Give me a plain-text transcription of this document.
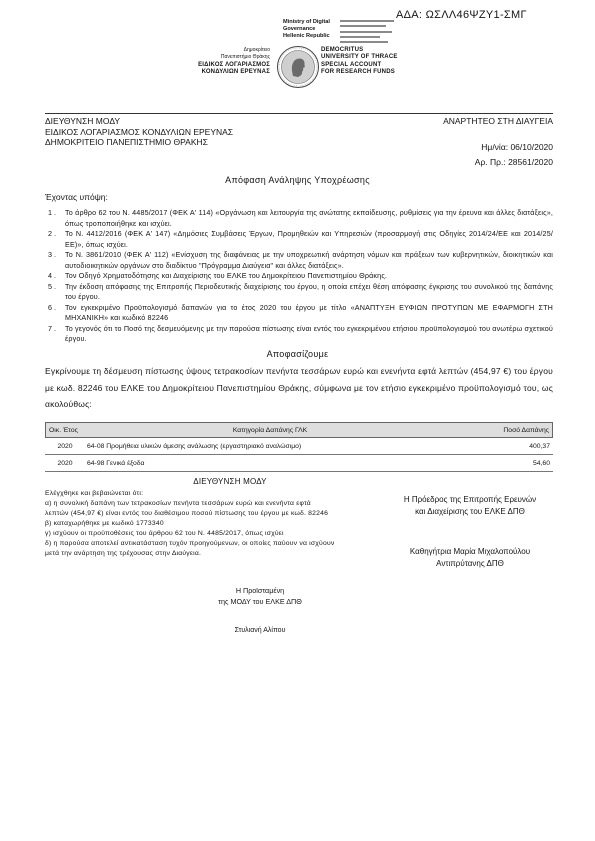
ΑΔΑ: ΩΣΛΛ46ΨΖΥ1-ΣΜΓ
Ministry of Digital
Governance
Hellenic Republic
Δημοκρίτειο
Πανεπιστήμιο Θράκης
ΕΙΔΙΚΟΣ ΛΟΓΑΡΙΑΣΜΟΣ
ΚΟΝΔΥΛΙΩΝ ΕΡΕΥΝΑΣ
DEMOCRITUS
UNIVERSITY OF THRACE
SPECIAL ACCOUNT
FOR RESEARCH FUNDS
ΔΙΕΥΘΥΝΣΗ ΜΟΔΥ
ΕΙΔΙΚΟΣ ΛΟΓΑΡΙΑΣΜΟΣ ΚΟΝΔΥΛΙΩΝ ΕΡΕΥΝΑΣ
ΔΗΜΟΚΡΙΤΕΙΟ ΠΑΝΕΠΙΣΤΗΜΙΟ ΘΡΑΚΗΣ
ΑΝΑΡΤΗΤΕΟ ΣΤΗ ΔΙΑΥΓΕΙΑ
Ημ/νία: 06/10/2020
Αρ. Πρ.: 28561/2020
Απόφαση Ανάληψης Υποχρέωσης
Έχοντας υπόψη:
1 .	Το άρθρο 62 του Ν. 4485/2017 (ΦΕΚ Α' 114) «Οργάνωση και λειτουργία της ανώτατης εκπαίδευσης, ρυθμίσεις για την έρευνα και άλλες διατάξεις», όπως τροποποιήθηκε και ισχύει.
2 .	Το Ν. 4412/2016 (ΦΕΚ Α' 147) «Δημόσιες Συμβάσεις Έργων, Προμηθειών και Υπηρεσιών (προσαρμογή στις Οδηγίες 2014/24/ΕΕ και 2014/25/ΕΕ)», όπως ισχύει.
3 .	Το Ν. 3861/2010 (ΦΕΚ Α' 112) «Ενίσχυση της διαφάνειας με την υποχρεωτική ανάρτηση νόμων και πράξεων των κυβερνητικών, διοικητικών και αυτοδιοικητικών οργάνων στο διαδίκτυο "Πρόγραμμα Διαύγεια" και άλλες διατάξεις».
4 .	Τον Οδηγό Χρηματοδότησης και Διαχείρισης του ΕΛΚΕ του Δημοκρίτειου Πανεπιστημίου Θράκης.
5 .	Την έκδοση απόφασης της Επιτροπής Περιοδευτικής διαχείρισης του έργου, η οποία επέχει θέση απόφασης έγκρισης του συνολικού της δαπάνης του έργου.
6 .	Τον εγκεκριμένο Προϋπολογισμό δαπανών για το έτος 2020 του έργου με τίτλο «ΑΝΑΠΤΥΞΗ ΕΥΦΙΩΝ ΠΡΟΤΥΠΩΝ ΜΕ ΕΦΑΡΜΟΓΗ ΣΤΗ ΜΗΧΑΝΙΚΗ» και κωδικό 82246
7 .	Το γεγονός ότι το Ποσό της δεσμευόμενης με την παρούσα πίστωσης είναι εντός του εγκεκριμένου ετήσιου προϋπολογισμού του ανωτέρω σχετικού έργου.
Αποφασίζουμε
Εγκρίνουμε τη δέσμευση πίστωσης ύψους τετρακοσίων πενήντα τεσσάρων ευρώ και ενενήντα εφτά λεπτών (454,97 €) του έργου με κωδ. 82246 του ΕΛΚΕ του Δημοκρίτειου Πανεπιστημίου Θράκης, σύμφωνα με τον ετήσιο εγκεκριμένο προϋπολογισμό του, ως ακολούθως:
Οικ. Έτος	Κατηγορία Δαπάνης ΓΛΚ	Ποσό Δαπάνης
2020	64-08 Προμήθεια υλικών άμεσης ανάλωσης (εργαστηριακό αναλώσιμο)	400,37
2020	64-98 Γενικά έξοδα	54,60
ΔΙΕΥΘΥΝΣΗ ΜΟΔΥ
Ελέγχθηκε και βεβαιώνεται ότι:
α) η συνολική δαπάνη των τετρακοσίων πενήντα τεσσάρων ευρώ και ενενήντα εφτά λεπτών (454,97 €) είναι εντός του διαθέσιμου ποσού πίστωσης του έργου με κωδ. 82246
β) καταχωρήθηκε με κωδικό 1773340
γ) ισχύουν οι προϋποθέσεις του άρθρου 62 του Ν. 4485/2017, όπως ισχύει
δ) η παρούσα αποτελεί αντικατάσταση τυχόν προηγούμενων, οι οποίες παύουν να ισχύουν μετά την ανάρτηση της τρέχουσας στην Διαύγεια.
Η Πρόεδρος της Επιτροπής Ερευνών
και Διαχείρισης του ΕΛΚΕ ΔΠΘ
Καθηγήτρια Μαρία Μιχαλοπούλου
Αντιπρύτανης ΔΠΘ
Η Προϊσταμένη
της ΜΟΔΥ του ΕΛΚΕ ΔΠΘ
Στυλιανή Αλίπου
